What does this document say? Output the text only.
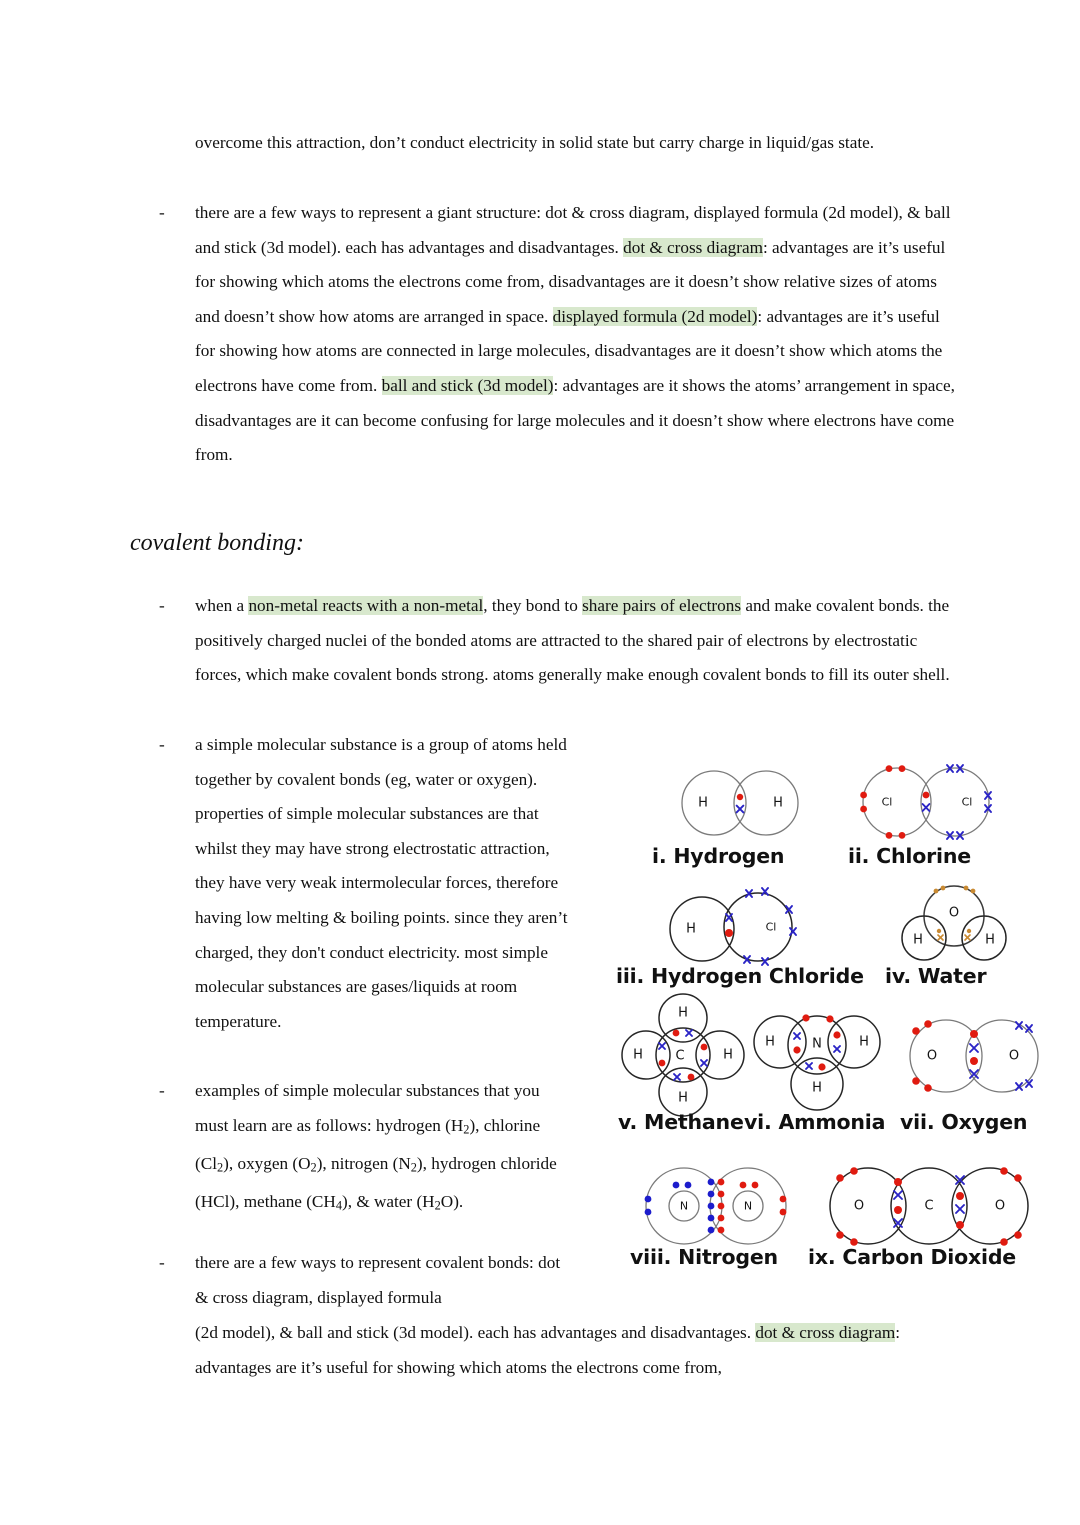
overcome this attraction, don’t conduct electricity in solid state but carry charge in liquid/gas state.
- there are a few ways to represent a giant structure: dot & cross diagram, displayed formula (2d model), & ball and stick (3d model). each has advantages and disadvantages. dot & cross diagram: advantages are it’s useful for showing which atoms the electrons come from, disadvantages are it doesn’t show relative sizes of atoms and doesn’t show how atoms are arranged in space. displayed formula (2d model): advantages are it’s useful for showing how atoms are connected in large molecules, disadvantages are it doesn’t show which atoms the electrons have come from. ball and stick (3d model): advantages are it shows the atoms’ arrangement in space, disadvantages are it can become confusing for large molecules and it doesn’t show where electrons have come from.
covalent bonding:
- when a non-metal reacts with a non-metal, they bond to share pairs of electrons and make covalent bonds. the positively charged nuclei of the bonded atoms are attracted to the shared pair of electrons by electrostatic forces, which make covalent bonds strong. atoms generally make enough covalent bonds to fill its outer shell.
- a simple molecular substance is a group of atoms held together by covalent bonds (eg, water or oxygen). properties of simple molecular substances are that whilst they may have strong electrostatic attraction, they have very weak intermolecular forces, therefore having low melting & boiling points. since they aren’t charged, they don't conduct electricity. most simple molecular substances are gases/liquids at room temperature.
- examples of simple molecular substances that you must learn are as follows: hydrogen $(H_2)$, chlorine $(Cl_2)$, oxygen $(O_2)$, nitrogen $(N_2)$, hydrogen chloride (HCl), methane $(CH_4)$, & water $(H_2O)$.
- there are a few ways to represent covalent bonds: dot & cross diagram, displayed formula
(2d model), & ball and stick (3d model). each has advantages and disadvantages. dot & cross diagram: advantages are it’s useful for showing which atoms the electrons come from,
H	H
i. Hydrogen
Cl	Cl
ii. Chlorine
H	Cl
iii. Hydrogen Chloride
O
H	H
iv. Water
H
H
H	H
C
v. Methane
H	H
H
N
vi. Ammonia
O	O
vii. Oxygen
N	N
viii. Nitrogen
O	C	O
ix. Carbon Dioxide
